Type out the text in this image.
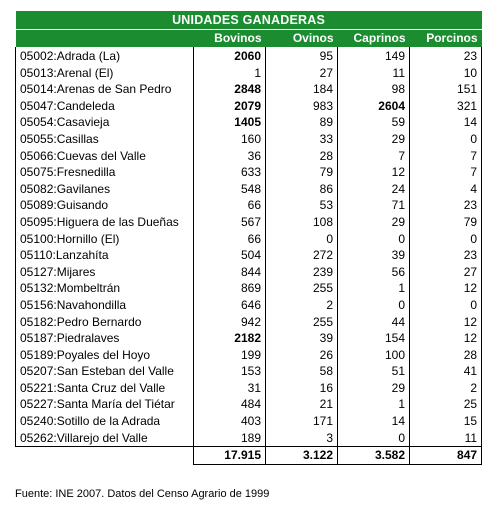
UNIDADES GANADERAS				
	Bovinos	Ovinos	Caprinos	Porcinos
05002:Adrada (La)	2060	95	149	23
05013:Arenal (El)	1	27	11	10
05014:Arenas de San Pedro	2848	184	98	151
05047:Candeleda	2079	983	2604	321
05054:Casavieja	1405	89	59	14
05055:Casillas	160	33	29	0
05066:Cuevas del Valle	36	28	7	7
05075:Fresnedilla	633	79	12	7
05082:Gavilanes	548	86	24	4
05089:Guisando	66	53	71	23
05095:Higuera de las Dueñas	567	108	29	79
05100:Hornillo (El)	66	0	0	0
05110:Lanzahíta	504	272	39	23
05127:Mijares	844	239	56	27
05132:Mombeltrán	869	255	1	12
05156:Navahondilla	646	2	0	0
05182:Pedro Bernardo	942	255	44	12
05187:Piedralaves	2182	39	154	12
05189:Poyales del Hoyo	199	26	100	28
05207:San Esteban del Valle	153	58	51	41
05221:Santa Cruz del Valle	31	16	29	2
05227:Santa María del Tiétar	484	21	1	25
05240:Sotillo de la Adrada	403	171	14	15
05262:Villarejo del Valle	189	3	0	11
	17.915	3.122	3.582	847
Fuente: INE 2007. Datos del Censo Agrario de 1999
